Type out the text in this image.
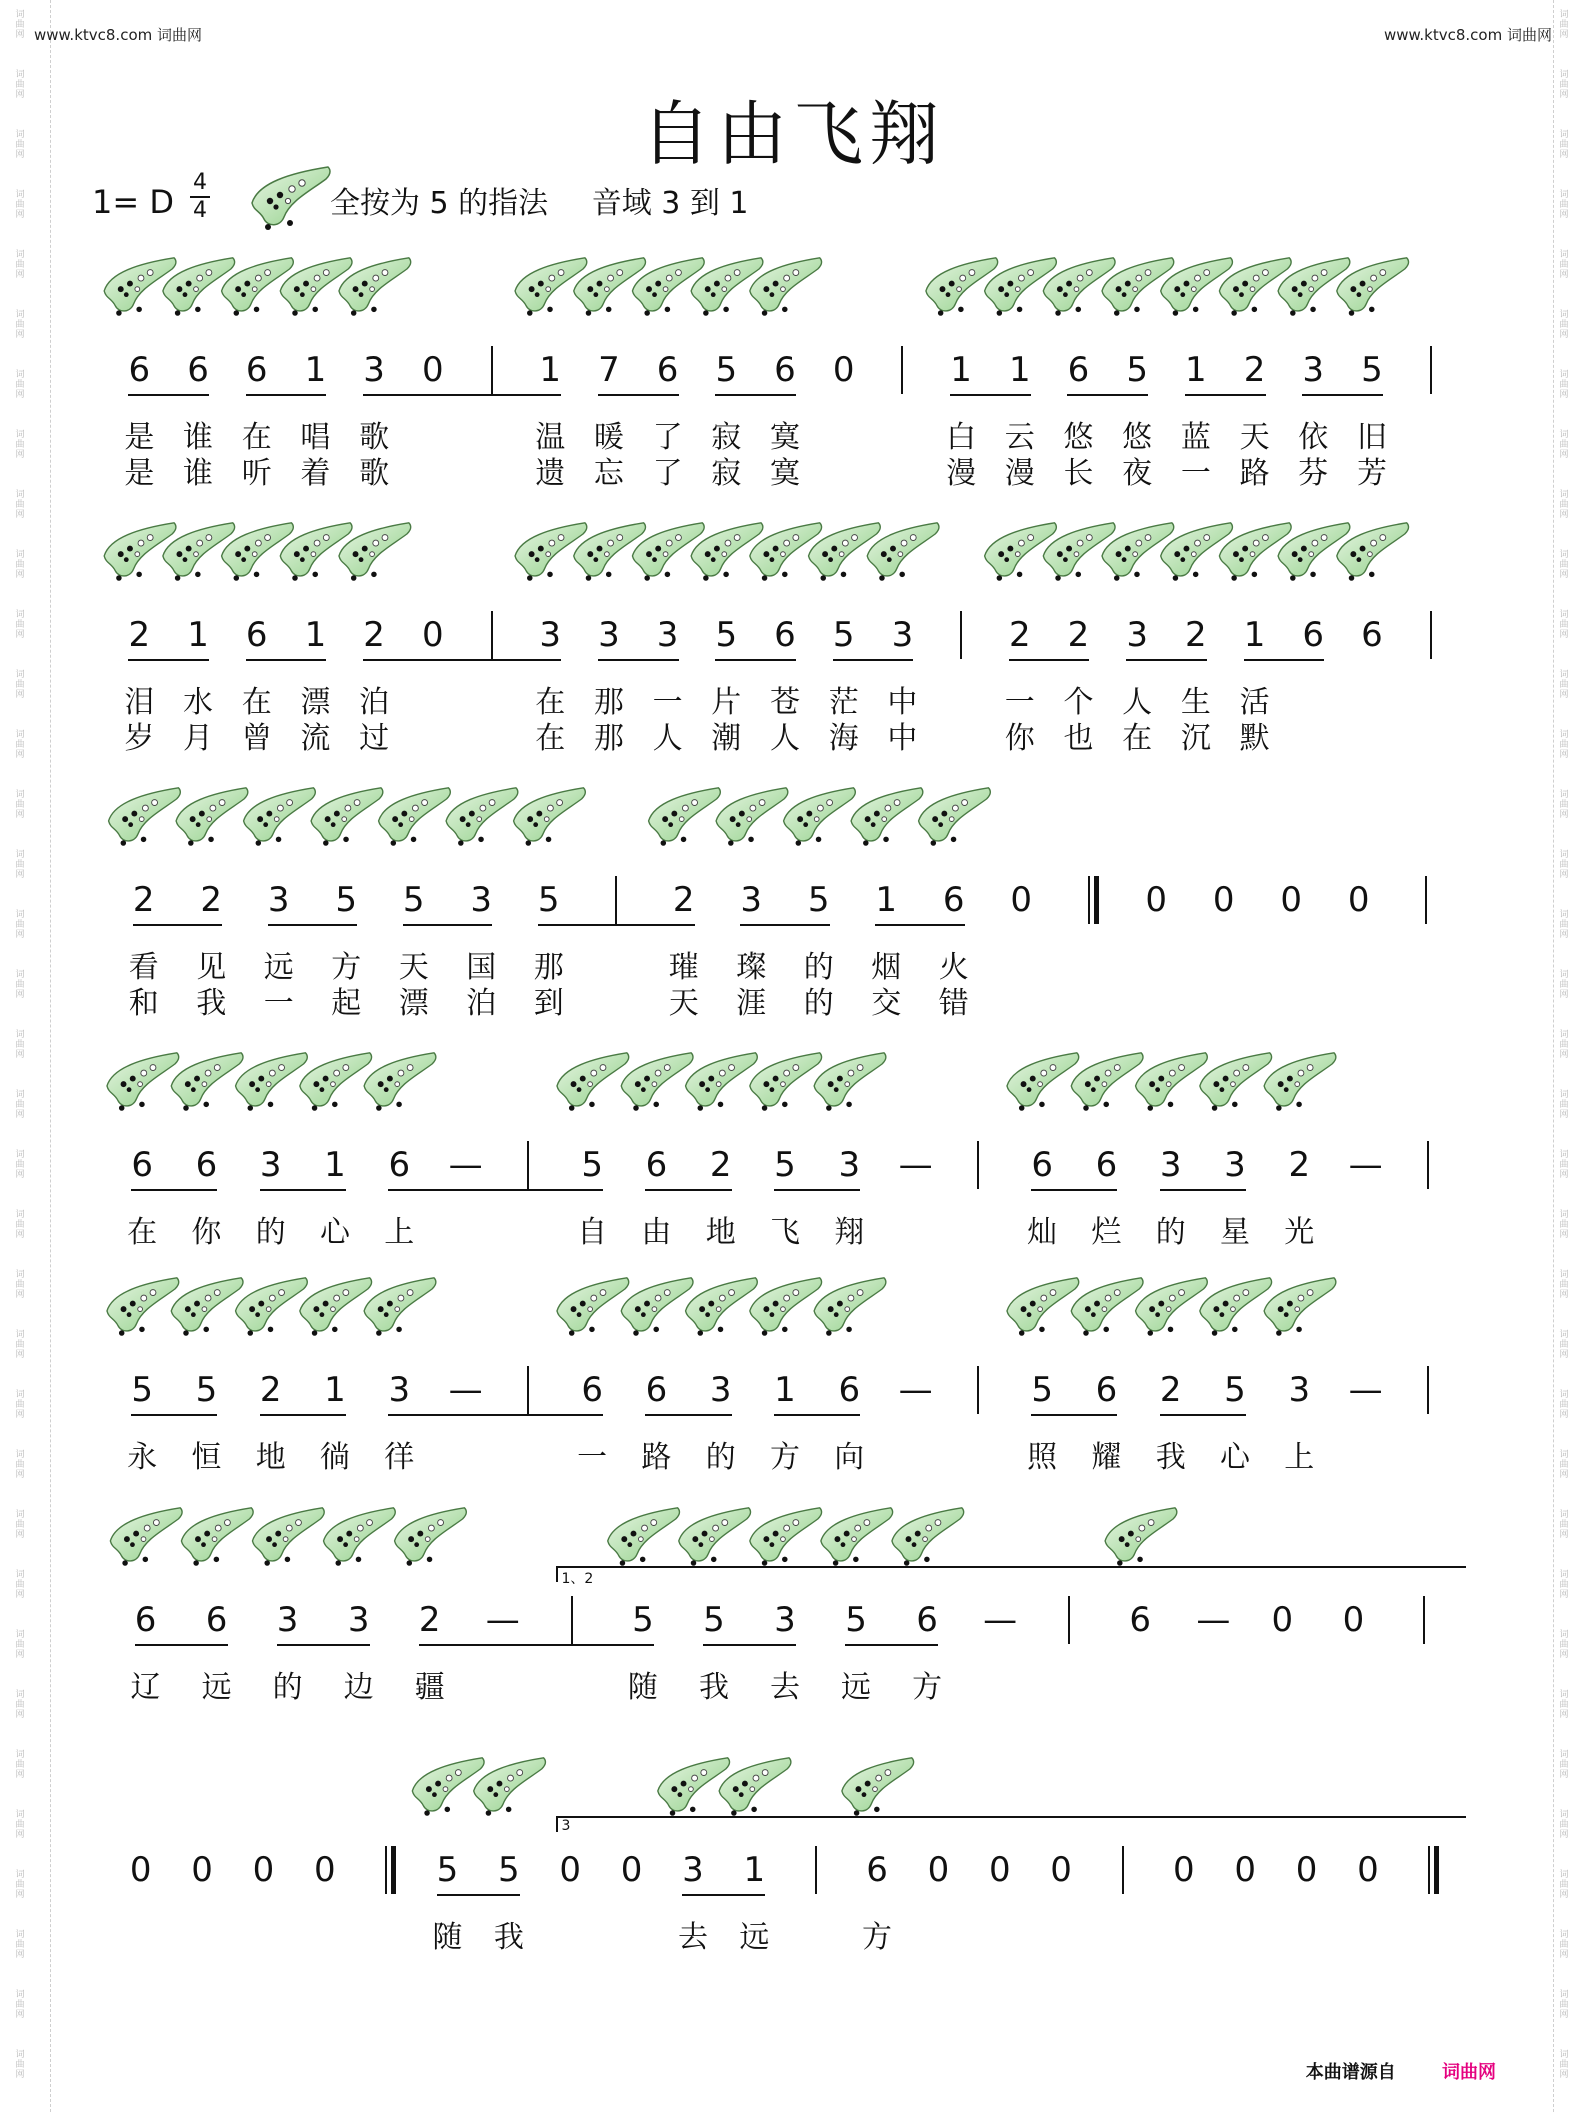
词
曲
网
词
曲
网
词
曲
网
词
曲
网
词
曲
网
词
曲
网
词
曲
网
词
曲
网
词
曲
网
词
曲
网
词
曲
网
词
曲
网
词
曲
网
词
曲
网
词
曲
网
词
曲
网
词
曲
网
词
曲
网
词
曲
网
词
曲
网
词
曲
网
词
曲
网
词
曲
网
词
曲
网
词
曲
网
词
曲
网
词
曲
网
词
曲
网
词
曲
网
词
曲
网
词
曲
网
词
曲
网
词
曲
网
词
曲
网
词
曲
网
词
曲
网
词
曲
网
词
曲
网
词
曲
网
词
曲
网
词
曲
网
词
曲
网
词
曲
网
词
曲
网
词
曲
网
词
曲
网
词
曲
网
词
曲
网
词
曲
网
词
曲
网
词
曲
网
词
曲
网
词
曲
网
词
曲
网
词
曲
网
词
曲
网
词
曲
网
词
曲
网
词
曲
网
词
曲
网
词
曲
网
词
曲
网
词
曲
网
词
曲
网
词
曲
网
词
曲
网
词
曲
网
词
曲
网
词
曲
网
词
曲
网
www.ktvc8.com 词曲网	www.ktvc8.com 词曲网
自由飞翔
1= D
4
4	全按为 5 的指法 音域 3 到 1
6 6 6 1 3 0	1 7 6 5 6 0	1 1 6 5 1 2 3 5
是 谁 在 唱 歌	温 暖 了 寂 寞	白 云 悠 悠 蓝 天 依 旧
是 谁 听 着 歌	遗 忘 了 寂 寞	漫 漫 长 夜 一 路 芬 芳
2 1 6 1 2 0	3 3 3 5 6 5 3	2 2 3 2 1 6 6
泪 水 在 漂 泊	在 那 一 片 苍 茫 中	一 个 人 生 活
岁 月 曾 流 过	在 那 人 潮 人 海 中	你 也 在 沉 默
2 2 3 5 5 3 5	2 3 5 1 6 0	0 0 0 0
看 见 远 方 天 国 那	璀 璨 的 烟 火
和 我 一 起 漂 泊 到	天 涯 的 交 错
6 6 3 1 6 —	5 6 2 5 3 —	6 6 3 3 2 —
在 你 的 心 上	自 由 地 飞 翔	灿 烂 的 星 光
5 5 2 1 3 —	6 6 3 1 6 —	5 6 2 5 3 —
永 恒 地 徜 徉	一 路 的 方 向	照 耀 我 心 上
6 6 3 3 2 —	5 5 3 5 6 —	6 — 0 0
辽 远 的 边 疆	随 我 去 远 方
1、2
0 0 0 0	5 5 0 0 3 1	6 0 0 0	0 0 0 0
随 我	去 远	方
3
本曲谱源自	词曲网
